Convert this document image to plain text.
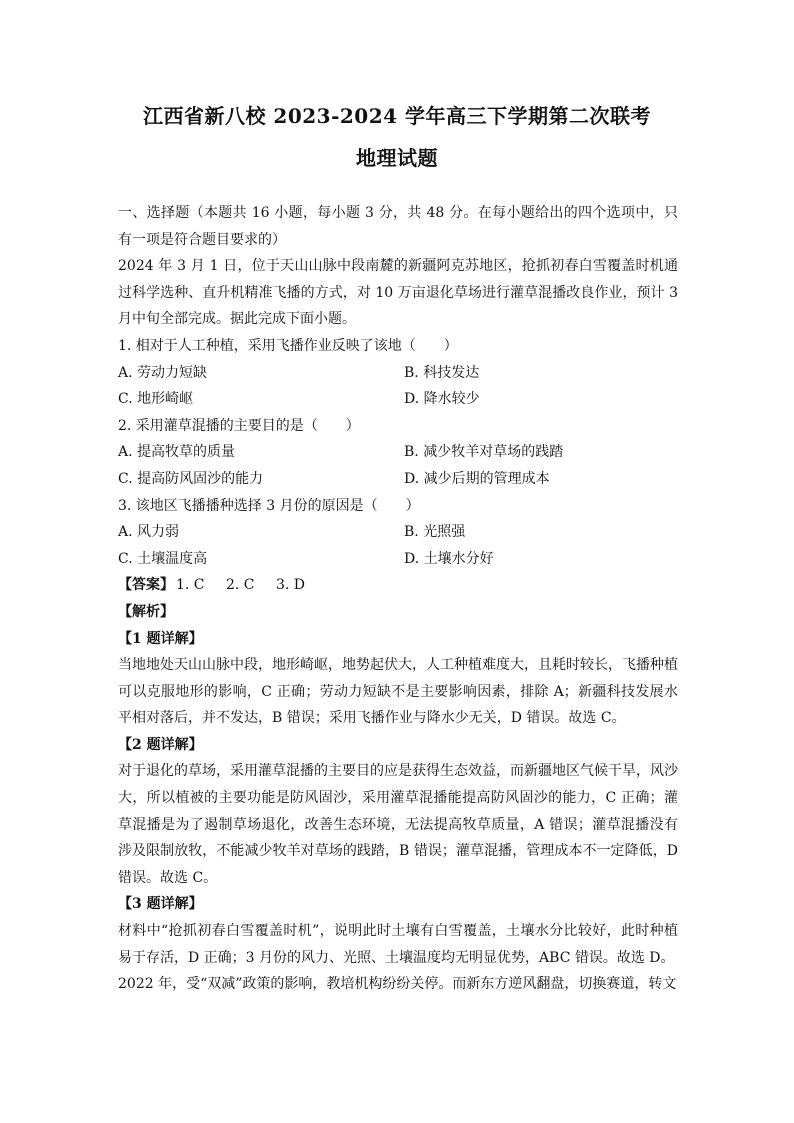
江西省新八校 2023-2024 学年高三下学期第二次联考
地理试题

一、选择题（本题共 16 小题，每小题 3 分，共 48 分。在每小题给出的四个选项中，只有一项是符合题目要求的）

2024 年 3 月 1 日，位于天山山脉中段南麓的新疆阿克苏地区，抢抓初春白雪覆盖时机通过科学选种、直升机精准飞播的方式，对 10 万亩退化草场进行灌草混播改良作业，预计 3 月中旬全部完成。据此完成下面小题。

1. 相对于人工种植，采用飞播作业反映了该地（　　）

A. 劳动力短缺	B. 科技发达
C. 地形崎岖	D. 降水较少

2. 采用灌草混播的主要目的是（　　）

A. 提高牧草的质量	B. 减少牧羊对草场的践踏
C. 提高防风固沙的能力	D. 减少后期的管理成本

3. 该地区飞播播种选择 3 月份的原因是（　　）

A. 风力弱	B. 光照强
C. 土壤温度高	D. 土壤水分好
【答案】 1. C	2. C	3. D

【解析】

【1 题详解】

当地地处天山山脉中段，地形崎岖，地势起伏大，人工种植难度大，且耗时较长，飞播种植可以克服地形的影响，C 正确；劳动力短缺不是主要影响因素，排除 A；新疆科技发展水平相对落后，并不发达，B 错误；采用飞播作业与降水少无关，D 错误。故选 C。

【2 题详解】

对于退化的草场，采用灌草混播的主要目的应是获得生态效益，而新疆地区气候干旱，风沙大，所以植被的主要功能是防风固沙，采用灌草混播能提高防风固沙的能力，C 正确；灌草混播是为了遏制草场退化，改善生态环境，无法提高牧草质量，A 错误；灌草混播没有涉及限制放牧，不能减少牧羊对草场的践踏，B 错误；灌草混播，管理成本不一定降低，D 错误。故选 C。

【3 题详解】

材料中“抢抓初春白雪覆盖时机”，说明此时土壤有白雪覆盖，土壤水分比较好，此时种植易于存活，D 正确；3 月份的风力、光照、土壤温度均无明显优势，ABC 错误。故选 D。

2022 年，受“双减”政策的影响，教培机构纷纷关停。而新东方逆风翻盘，切换赛道，转文
